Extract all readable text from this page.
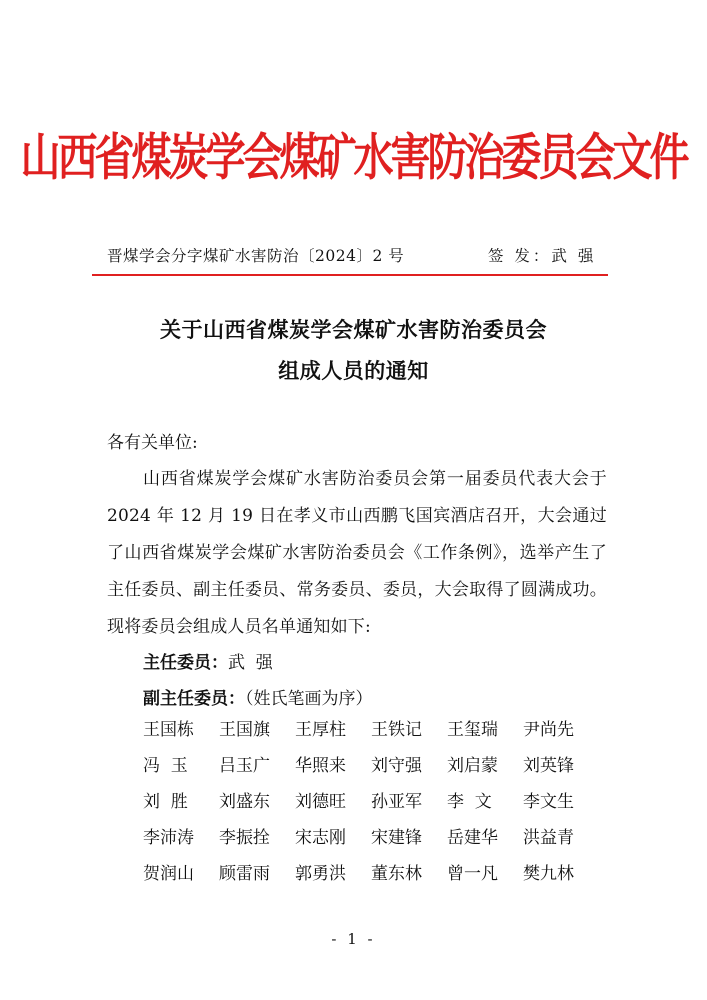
山西省煤炭学会煤矿水害防治委员会文件
晋煤学会分字煤矿水害防治〔2024〕2 号	签 发：武 强
关于山西省煤炭学会煤矿水害防治委员会
组成人员的通知
各有关单位:
山西省煤炭学会煤矿水害防治委员会第一届委员代表大会于 2024 年 12 月 19 日在孝义市山西鹏飞国宾酒店召开，大会通过了山西省煤炭学会煤矿水害防治委员会《工作条例》，选举产生了主任委员、副主任委员、常务委员、委员，大会取得了圆满成功。现将委员会组成人员名单通知如下:
主任委员：武  强
副主任委员：（姓氏笔画为序）
王国栋	王国旗	王厚柱	王铁记	王玺瑞	尹尚先
冯  玉	吕玉广	华照来	刘守强	刘启蒙	刘英锋
刘  胜	刘盛东	刘德旺	孙亚军	李  文	李文生
李沛涛	李振拴	宋志刚	宋建锋	岳建华	洪益青
贺润山	顾雷雨	郭勇洪	董东林	曾一凡	樊九林
- 1 -
